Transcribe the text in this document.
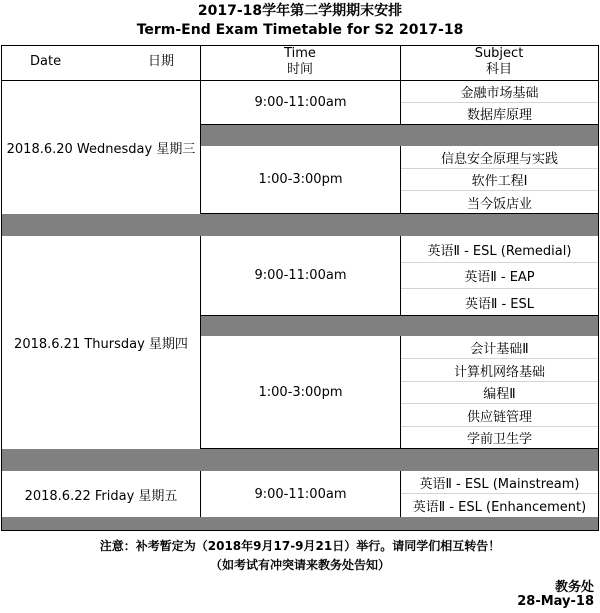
2017-18学年第二学期期末安排
Term-End Exam Timetable for S2 2017-18
Date	日期
Time
时间
Subject
科目
2018.6.20 Wednesday 星期三
9:00-11:00am
金融市场基础
数据库原理
1:00-3:00pm
信息安全原理与实践
软件工程Ⅰ
当今饭店业
2018.6.21 Thursday 星期四
9:00-11:00am
英语Ⅱ - ESL (Remedial)
英语Ⅱ - EAP
英语Ⅱ - ESL
1:00-3:00pm
会计基础Ⅱ
计算机网络基础
编程Ⅱ
供应链管理
学前卫生学
2018.6.22 Friday 星期五	9:00-11:00am
英语Ⅱ - ESL (Mainstream)
英语Ⅱ - ESL (Enhancement)
注意：补考暂定为（2018年9月17-9月21日）举行。请同学们相互转告！
（如考试有冲突请来教务处告知）
教务处
28-May-18
